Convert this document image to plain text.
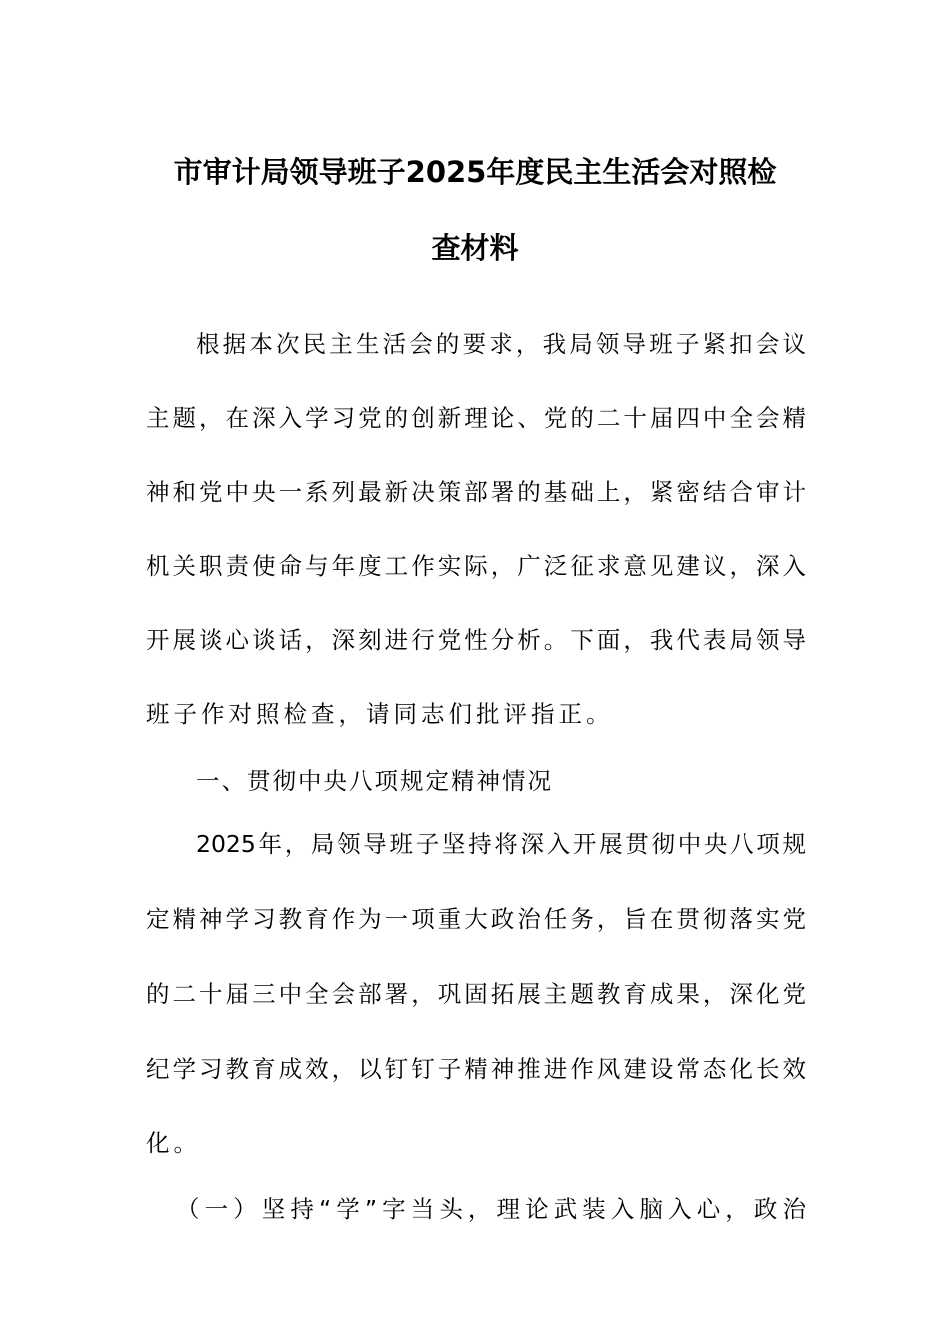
市审计局领导班子2025年度民主生活会对照检
查材料
根据本次民主生活会的要求，我局领导班子紧扣会议
主题，在深入学习党的创新理论、党的二十届四中全会精
神和党中央一系列最新决策部署的基础上，紧密结合审计
机关职责使命与年度工作实际，广泛征求意见建议，深入
开展谈心谈话，深刻进行党性分析。下面，我代表局领导
班子作对照检查，请同志们批评指正。
一、贯彻中央八项规定精神情况
2025年，局领导班子坚持将深入开展贯彻中央八项规
定精神学习教育作为一项重大政治任务，旨在贯彻落实党
的二十届三中全会部署，巩固拓展主题教育成果，深化党
纪学习教育成效，以钉钉子精神推进作风建设常态化长效
化。
（一）坚持“学”字当头，理论武装入脑入心，政治
